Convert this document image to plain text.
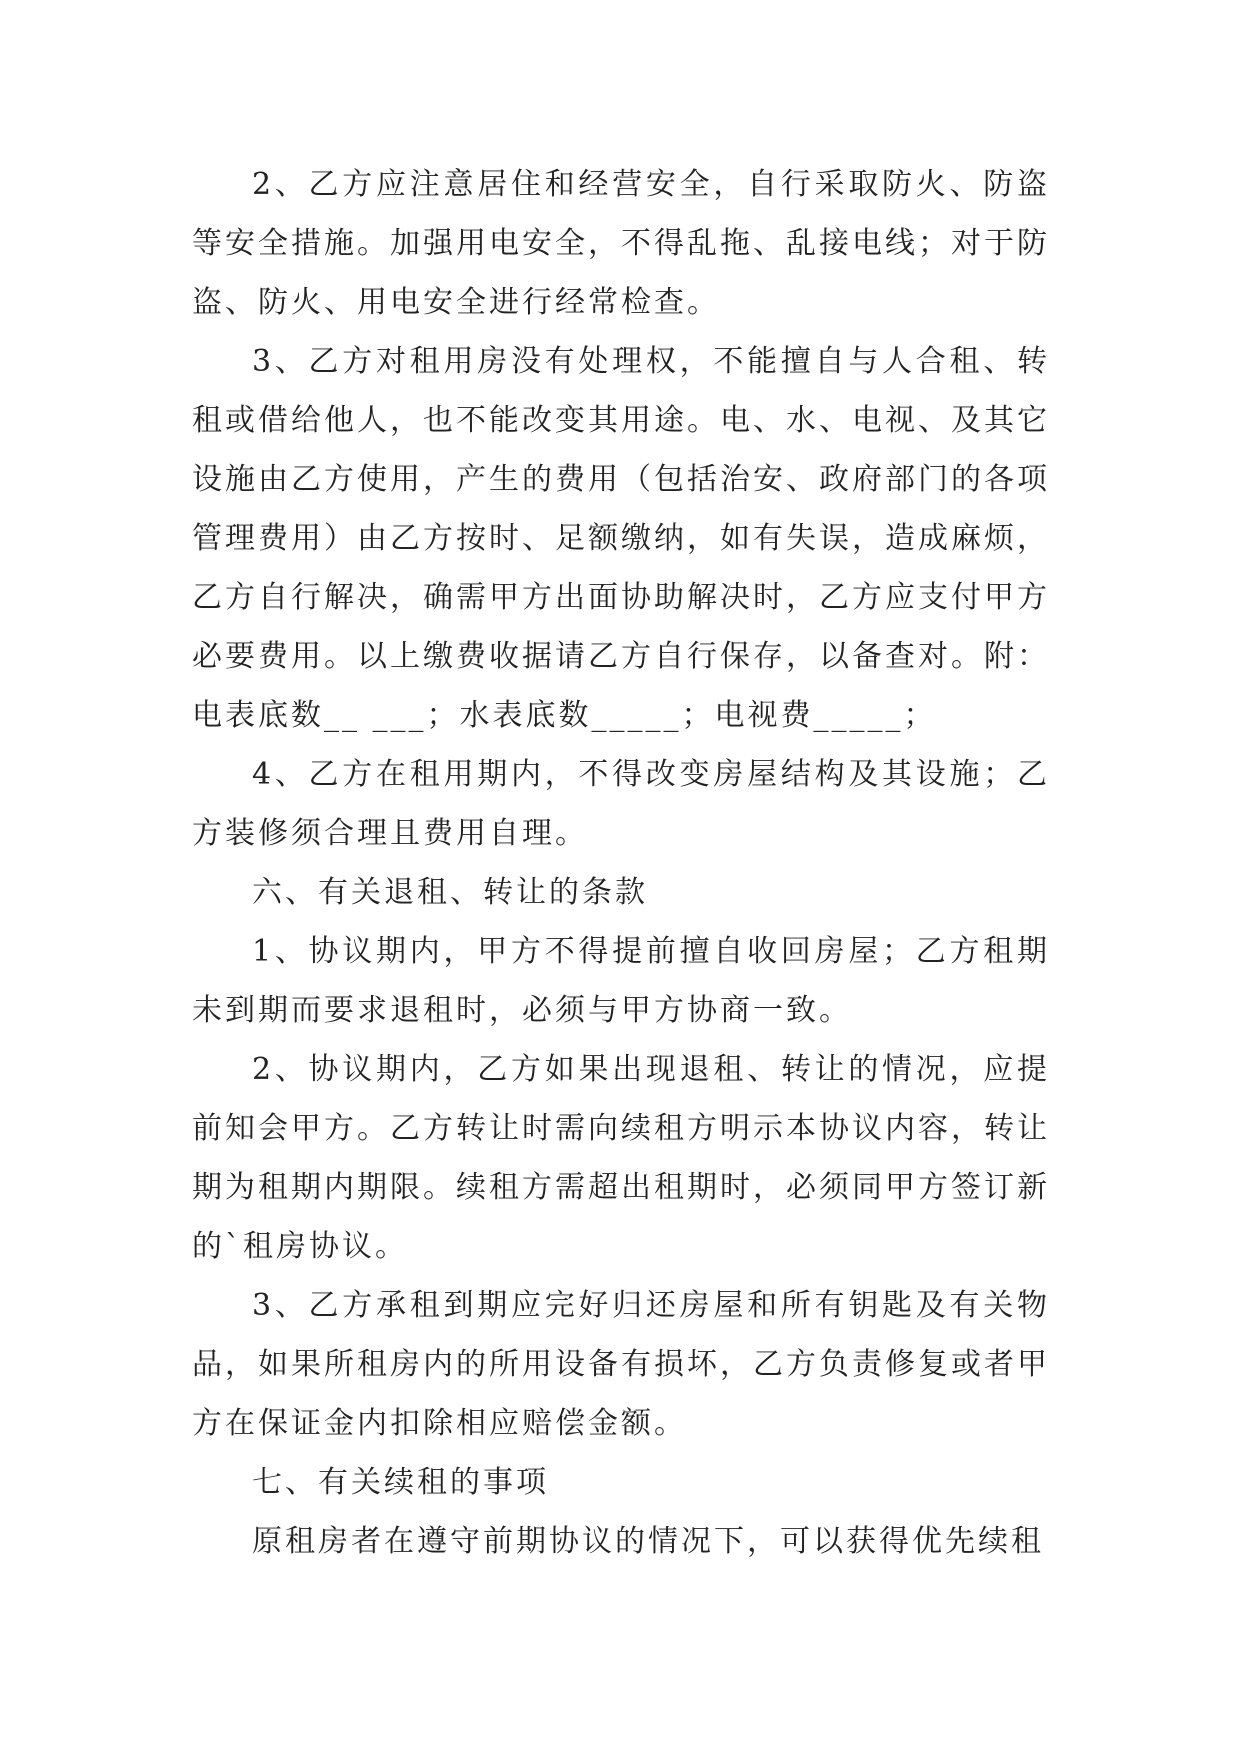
2、乙方应注意居住和经营安全，自行采取防火、防盗等安全措施。加强用电安全，不得乱拖、乱接电线；对于防盗、防火、用电安全进行经常检查。

3、乙方对租用房没有处理权，不能擅自与人合租、转租或借给他人，也不能改变其用途。电、水、电视、及其它设施由乙方使用，产生的费用（包括治安、政府部门的各项管理费用）由乙方按时、足额缴纳，如有失误，造成麻烦，乙方自行解决，确需甲方出面协助解决时，乙方应支付甲方必要费用。以上缴费收据请乙方自行保存，以备查对。附：电表底数__ ___；水表底数_____；电视费_____；

4、乙方在租用期内，不得改变房屋结构及其设施；乙方装修须合理且费用自理。

六、有关退租、转让的条款

1、协议期内，甲方不得提前擅自收回房屋；乙方租期未到期而要求退租时，必须与甲方协商一致。

2、协议期内，乙方如果出现退租、转让的情况，应提前知会甲方。乙方转让时需向续租方明示本协议内容，转让期为租期内期限。续租方需超出租期时，必须同甲方签订新的`租房协议。

3、乙方承租到期应完好归还房屋和所有钥匙及有关物品，如果所租房内的所用设备有损坏，乙方负责修复或者甲方在保证金内扣除相应赔偿金额。

七、有关续租的事项

原租房者在遵守前期协议的情况下，可以获得优先续租
